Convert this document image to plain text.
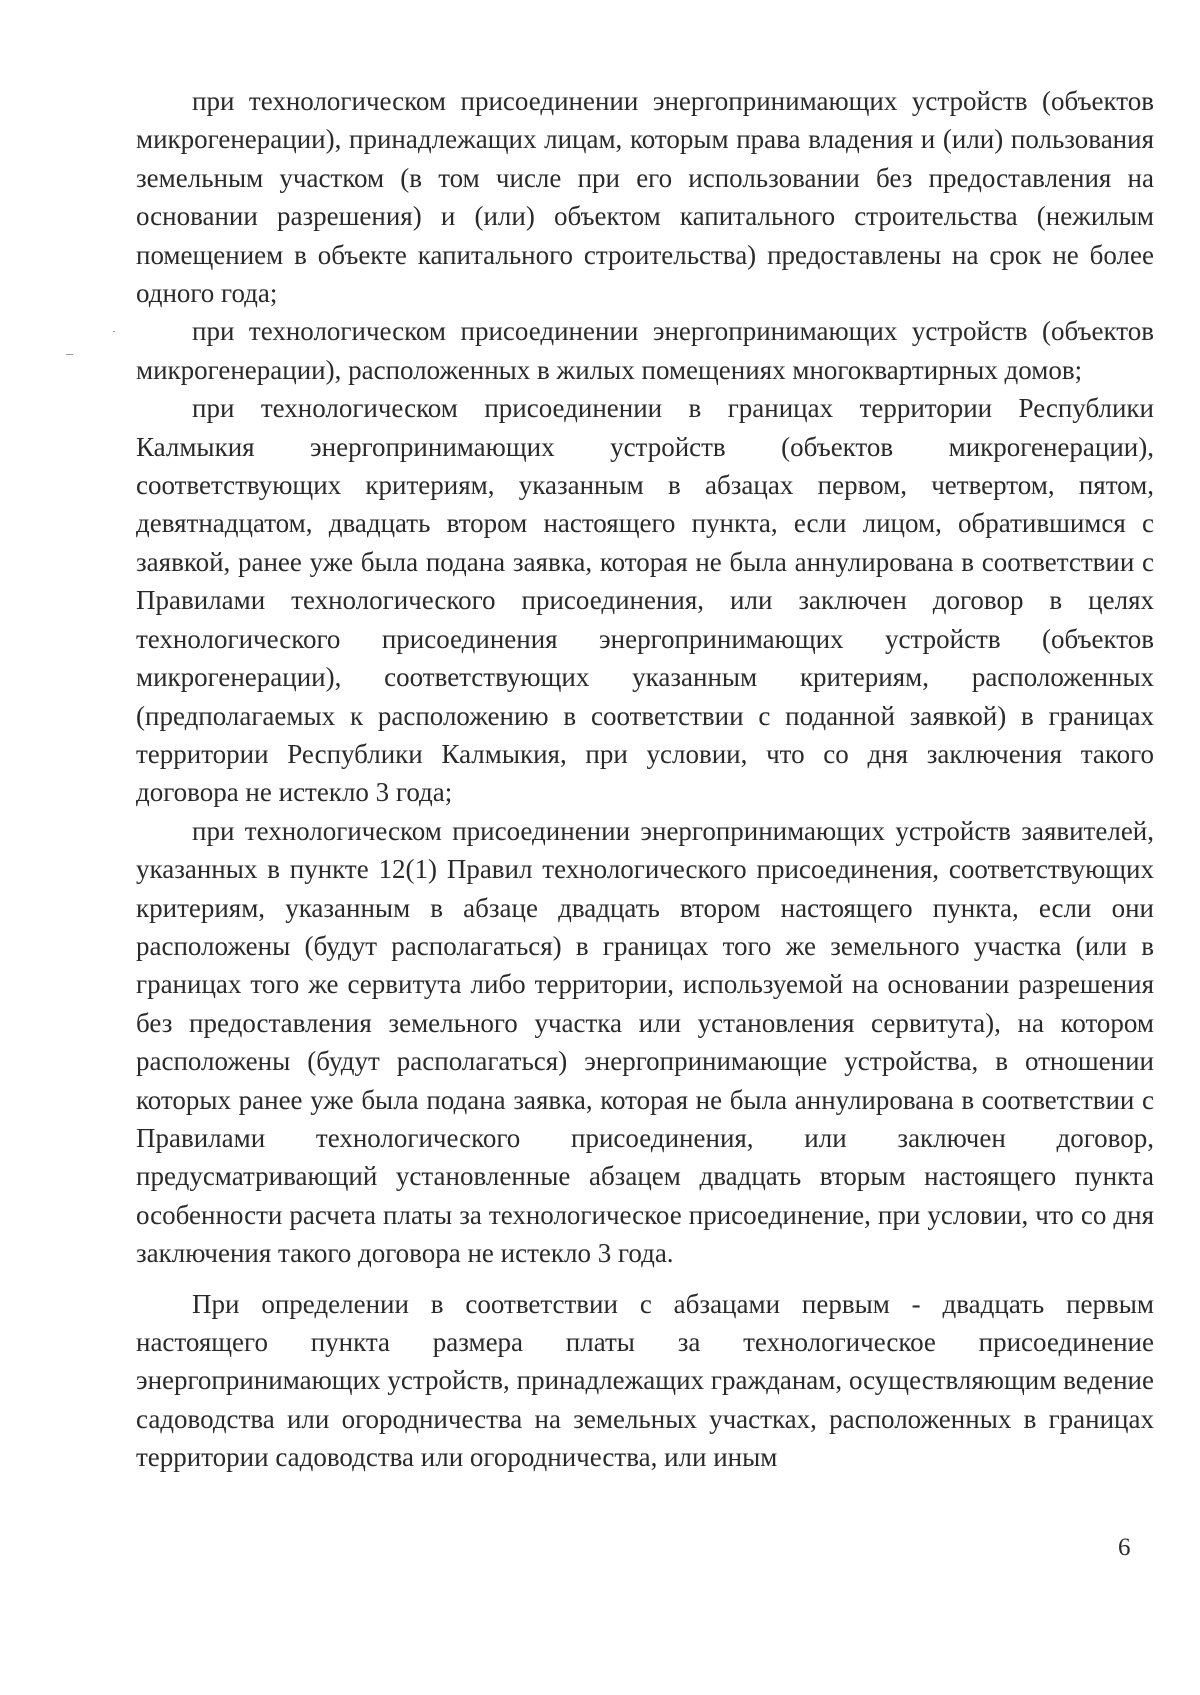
при технологическом присоединении энергопринимающих устройств (объектов микрогенерации), принадлежащих лицам, которым права владения и (или) пользования земельным участком (в том числе при его использовании без предоставления на основании разрешения) и (или) объектом капитального строительства (нежилым помещением в объекте капитального строительства) предоставлены на срок не более одного года;

при технологическом присоединении энергопринимающих устройств (объектов микрогенерации), расположенных в жилых помещениях многоквартирных домов;

при технологическом присоединении в границах территории Республики Калмыкия энергопринимающих устройств (объектов микрогенерации), соответствующих критериям, указанным в абзацах первом, четвертом, пятом, девятнадцатом, двадцать втором настоящего пункта, если лицом, обратившимся с заявкой, ранее уже была подана заявка, которая не была аннулирована в соответствии с Правилами технологического присоединения, или заключен договор в целях технологического присоединения энергопринимающих устройств (объектов микрогенерации), соответствующих указанным критериям, расположенных (предполагаемых к расположению в соответствии с поданной заявкой) в границах территории Республики Калмыкия, при условии, что со дня заключения такого договора не истекло 3 года;

при технологическом присоединении энергопринимающих устройств заявителей, указанных в пункте 12(1) Правил технологического присоединения, соответствующих критериям, указанным в абзаце двадцать втором настоящего пункта, если они расположены (будут располагаться) в границах того же земельного участка (или в границах того же сервитута либо территории, используемой на основании разрешения без предоставления земельного участка или установления сервитута), на котором расположены (будут располагаться) энергопринимающие устройства, в отношении которых ранее уже была подана заявка, которая не была аннулирована в соответствии с Правилами технологического присоединения, или заключен договор, предусматривающий установленные абзацем двадцать вторым настоящего пункта особенности расчета платы за технологическое присоединение, при условии, что со дня заключения такого договора не истекло 3 года.

При определении в соответствии с абзацами первым - двадцать первым настоящего пункта размера платы за технологическое присоединение энергопринимающих устройств, принадлежащих гражданам, осуществляющим ведение садоводства или огородничества на земельных участках, расположенных в границах территории садоводства или огородничества, или иным

6
